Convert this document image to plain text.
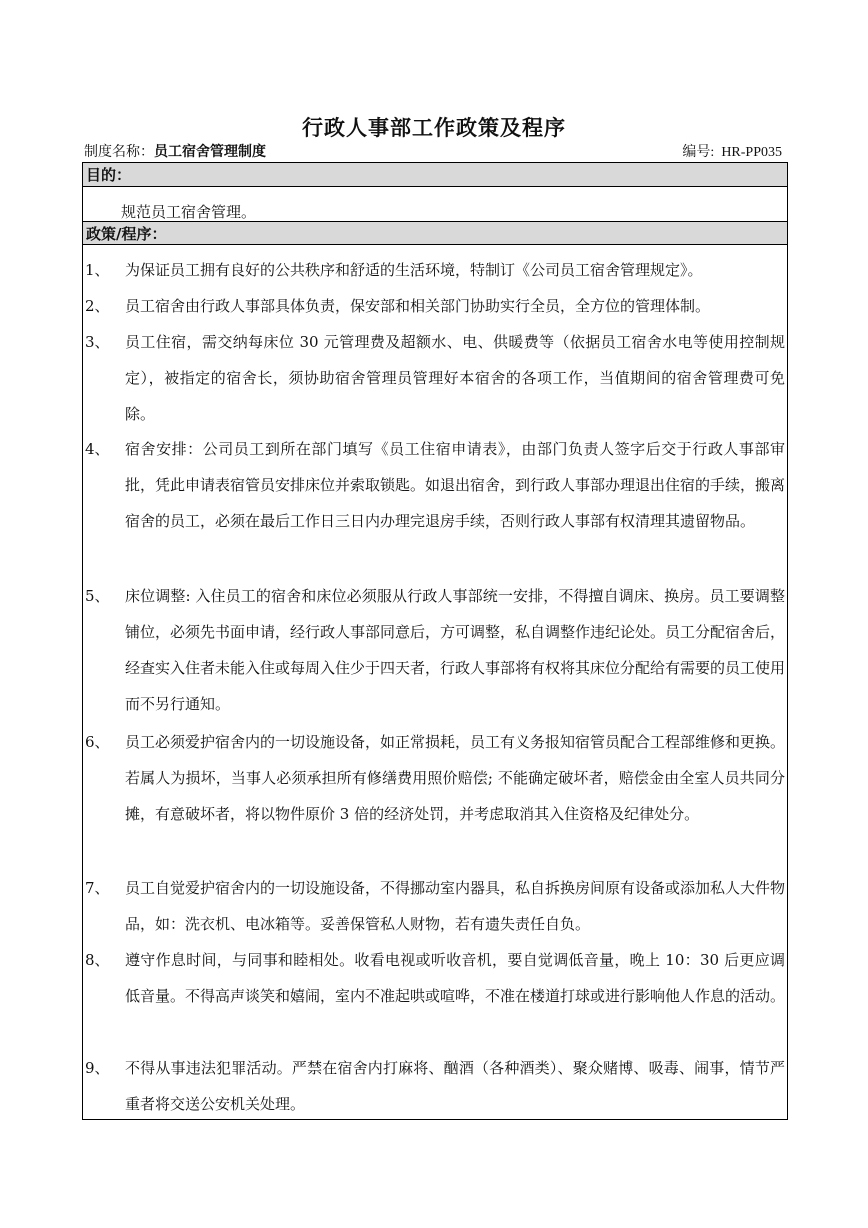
行政人事部工作政策及程序
制度名称：员工宿舍管理制度	编号: HR-PP035
目的：
规范员工宿舍管理。
政策/程序：
1、 为保证员工拥有良好的公共秩序和舒适的生活环境，特制订《公司员工宿舍管理规定》。
2、 员工宿舍由行政人事部具体负责，保安部和相关部门协助实行全员，全方位的管理体制。
3、 员工住宿，需交纳每床位 30 元管理费及超额水、电、供暖费等（依据员工宿舍水电等使用控制规定），被指定的宿舍长，须协助宿舍管理员管理好本宿舍的各项工作，当值期间的宿舍管理费可免除。
4、 宿舍安排：公司员工到所在部门填写《员工住宿申请表》，由部门负责人签字后交于行政人事部审批，凭此申请表宿管员安排床位并索取锁匙。如退出宿舍，到行政人事部办理退出住宿的手续，搬离宿舍的员工，必须在最后工作日三日内办理完退房手续，否则行政人事部有权清理其遗留物品。
5、 床位调整: 入住员工的宿舍和床位必须服从行政人事部统一安排，不得擅自调床、换房。员工要调整铺位，必须先书面申请，经行政人事部同意后，方可调整，私自调整作违纪论处。员工分配宿舍后，经查实入住者未能入住或每周入住少于四天者，行政人事部将有权将其床位分配给有需要的员工使用而不另行通知。
6、 员工必须爱护宿舍内的一切设施设备，如正常损耗，员工有义务报知宿管员配合工程部维修和更换。若属人为损坏，当事人必须承担所有修缮费用照价赔偿; 不能确定破坏者，赔偿金由全室人员共同分摊，有意破坏者，将以物件原价 3 倍的经济处罚，并考虑取消其入住资格及纪律处分。
7、 员工自觉爱护宿舍内的一切设施设备，不得挪动室内器具，私自拆换房间原有设备或添加私人大件物品，如：洗衣机、电冰箱等。妥善保管私人财物，若有遗失责任自负。
8、 遵守作息时间，与同事和睦相处。收看电视或听收音机，要自觉调低音量，晚上 10：30 后更应调低音量。不得高声谈笑和嬉闹，室内不准起哄或喧哗，不准在楼道打球或进行影响他人作息的活动。
9、 不得从事违法犯罪活动。严禁在宿舍内打麻将、酗酒（各种酒类）、聚众赌博、吸毒、闹事，情节严重者将交送公安机关处理。
